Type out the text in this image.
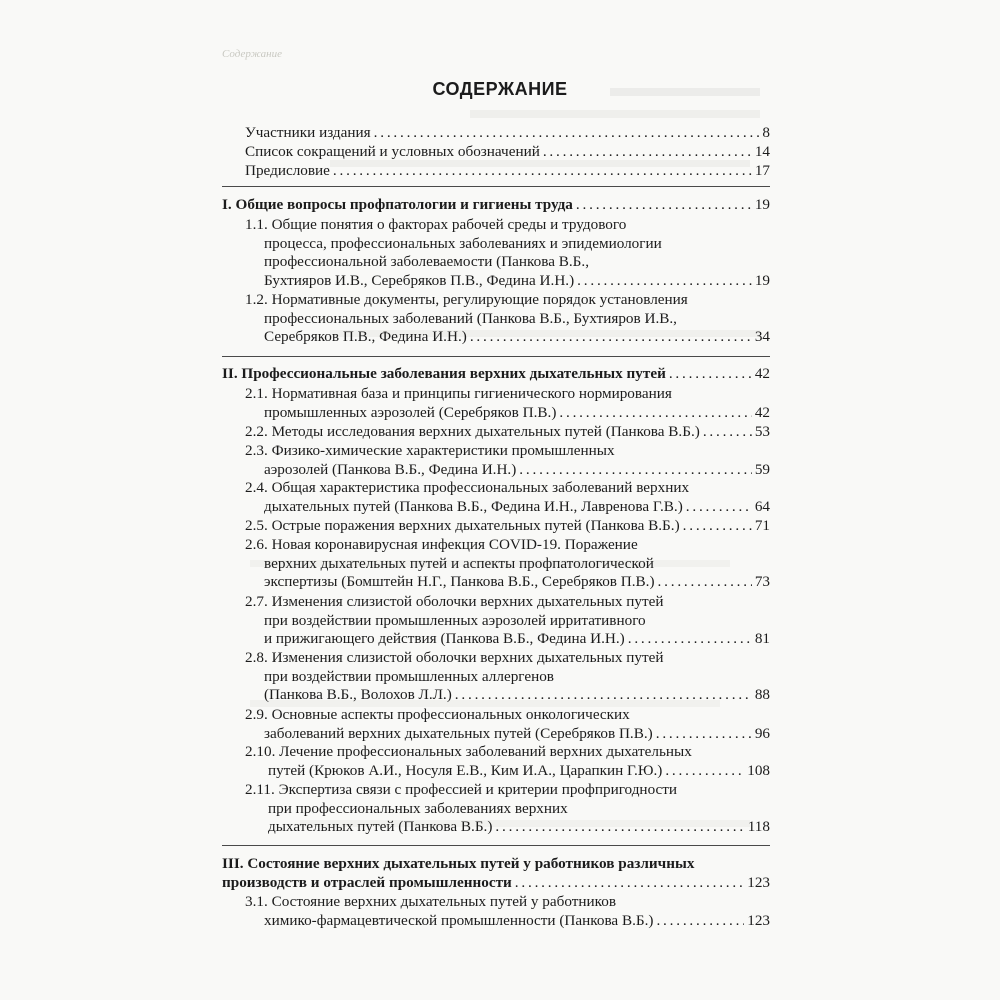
Содержание
СОДЕРЖАНИЕ
Участники издания . . .	8
Список сокращений и условных обозначений . . .	14
Предисловие . . .	17
I. Общие вопросы профпатологии и гигиены труда . . .	19
1.1. Общие понятия о факторах рабочей среды и трудового
процесса, профессиональных заболеваниях и эпидемиологии
профессиональной заболеваемости (Панкова В.Б.,
Бухтияров И.В., Серебряков П.В., Федина И.Н.) . . .	19
1.2. Нормативные документы, регулирующие порядок установления
профессиональных заболеваний (Панкова В.Б., Бухтияров И.В.,
Серебряков П.В., Федина И.Н.) . . .	34
II. Профессиональные заболевания верхних дыхательных путей . . .	42
2.1. Нормативная база и принципы гигиенического нормирования
промышленных аэрозолей (Серебряков П.В.) . . .	42
2.2. Методы исследования верхних дыхательных путей (Панкова В.Б.) . . .	53
2.3. Физико-химические характеристики промышленных
аэрозолей (Панкова В.Б., Федина И.Н.) . . .	59
2.4. Общая характеристика профессиональных заболеваний верхних
дыхательных путей (Панкова В.Б., Федина И.Н., Лавренова Г.В.) . . .	64
2.5. Острые поражения верхних дыхательных путей (Панкова В.Б.) . . .	71
2.6. Новая коронавирусная инфекция COVID-19. Поражение
верхних дыхательных путей и аспекты профпатологической
экспертизы (Бомштейн Н.Г., Панкова В.Б., Серебряков П.В.) . . .	73
2.7. Изменения слизистой оболочки верхних дыхательных путей
при воздействии промышленных аэрозолей ирритативного
и прижигающего действия (Панкова В.Б., Федина И.Н.) . . .	81
2.8. Изменения слизистой оболочки верхних дыхательных путей
при воздействии промышленных аллергенов
(Панкова В.Б., Волохов Л.Л.) . . .	88
2.9. Основные аспекты профессиональных онкологических
заболеваний верхних дыхательных путей (Серебряков П.В.) . . .	96
2.10. Лечение профессиональных заболеваний верхних дыхательных
путей (Крюков А.И., Носуля Е.В., Ким И.А., Царапкин Г.Ю.) . . .	108
2.11. Экспертиза связи с профессией и критерии профпригодности
при профессиональных заболеваниях верхних
дыхательных путей (Панкова В.Б.) . . .	118
III. Состояние верхних дыхательных путей у работников различных
производств и отраслей промышленности . . .	123
3.1. Состояние верхних дыхательных путей у работников
химико-фармацевтической промышленности (Панкова В.Б.) . . .	123
